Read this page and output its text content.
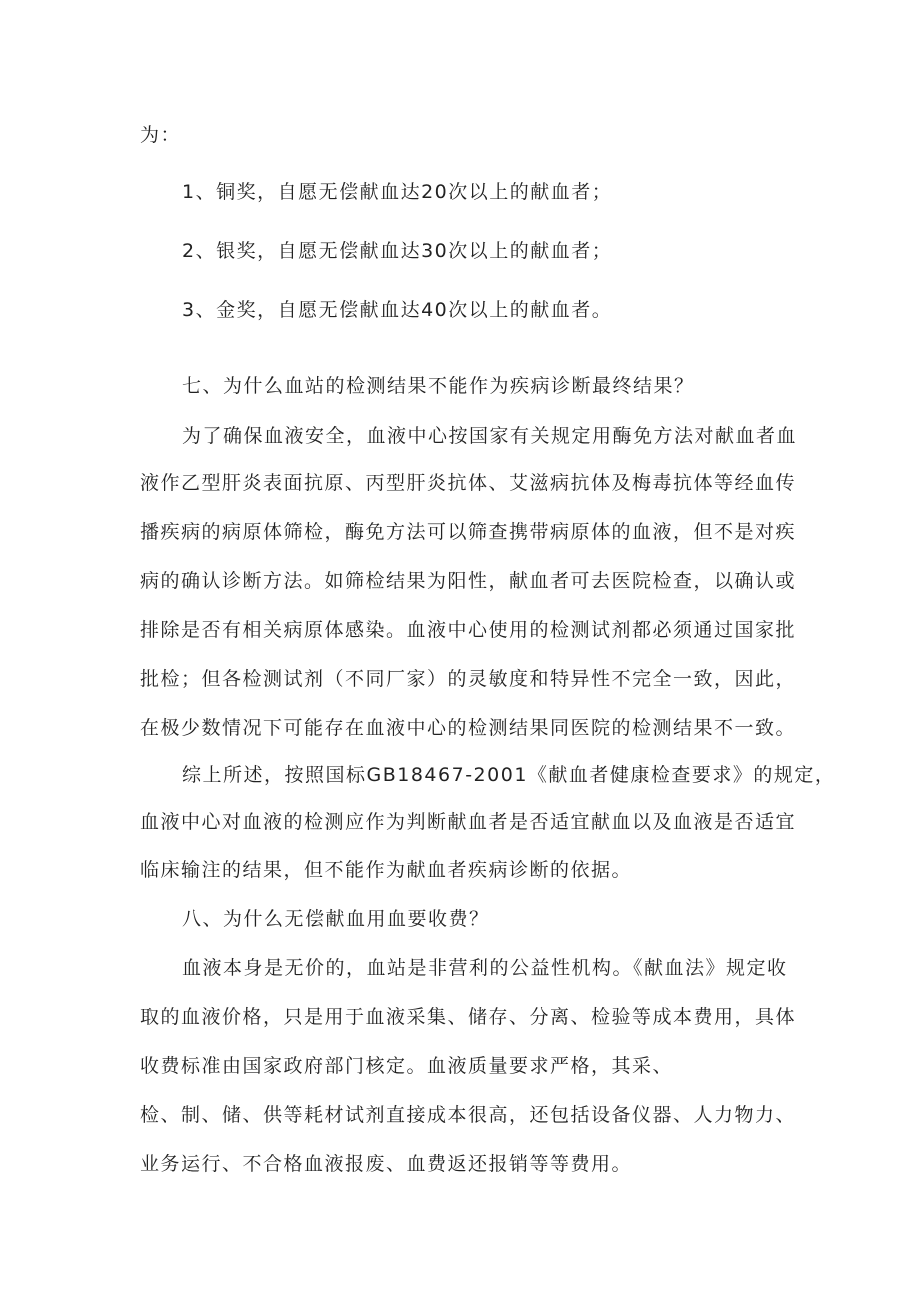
为：
1、铜奖，自愿无偿献血达20次以上的献血者；
2、银奖，自愿无偿献血达30次以上的献血者；
3、金奖，自愿无偿献血达40次以上的献血者。
七、为什么血站的检测结果不能作为疾病诊断最终结果？
为了确保血液安全，血液中心按国家有关规定用酶免方法对献血者血
液作乙型肝炎表面抗原、丙型肝炎抗体、艾滋病抗体及梅毒抗体等经血传
播疾病的病原体筛检，酶免方法可以筛查携带病原体的血液，但不是对疾
病的确认诊断方法。如筛检结果为阳性，献血者可去医院检查，以确认或
排除是否有相关病原体感染。血液中心使用的检测试剂都必须通过国家批
批检；但各检测试剂（不同厂家）的灵敏度和特异性不完全一致，因此，
在极少数情况下可能存在血液中心的检测结果同医院的检测结果不一致。
综上所述，按照国标GB18467-2001《献血者健康检查要求》的规定，
血液中心对血液的检测应作为判断献血者是否适宜献血以及血液是否适宜
临床输注的结果，但不能作为献血者疾病诊断的依据。
八、为什么无偿献血用血要收费？
血液本身是无价的，血站是非营利的公益性机构。《献血法》规定收
取的血液价格，只是用于血液采集、储存、分离、检验等成本费用，具体
收费标准由国家政府部门核定。血液质量要求严格，其采、
检、制、储、供等耗材试剂直接成本很高，还包括设备仪器、人力物力、
业务运行、不合格血液报废、血费返还报销等等费用。
